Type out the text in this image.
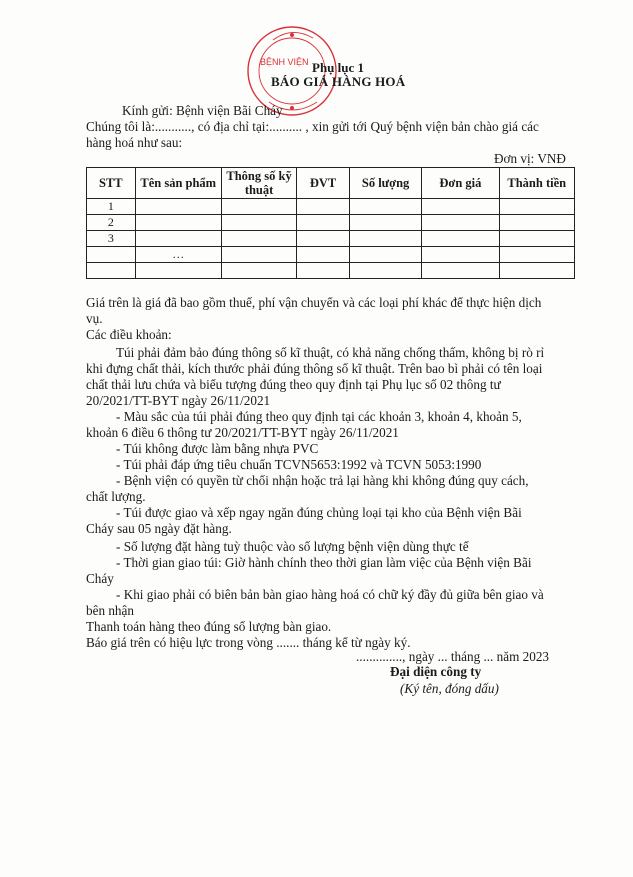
BỆNH VIỆN Phụ lục 1
BÁO GIÁ HÀNG HOÁ
Kính gửi: Bệnh viện Bãi Cháy
Chúng tôi là:..........., có địa chỉ tại:.......... , xin gửi tới Quý bệnh viện bản chào giá các
hàng hoá như sau:
Đơn vị: VNĐ
STT	Tên sản phẩm	Thông số kỹ thuật	ĐVT	Số lượng	Đơn giá	Thành tiền
1						
2						
3						
	…					

Giá trên là giá đã bao gồm thuế, phí vận chuyển và các loại phí khác để thực hiện dịch
vụ.
Các điều khoản:
Túi phải đảm bảo đúng thông số kĩ thuật, có khả năng chống thấm, không bị rò rỉ
khi đựng chất thải, kích thước phải đúng thông số kĩ thuật. Trên bao bì phải có tên loại
chất thải lưu chứa và biểu tượng đúng theo quy định tại Phụ lục số 02 thông tư
20/2021/TT-BYT ngày 26/11/2021
- Màu sắc của túi phải đúng theo quy định tại các khoản 3, khoản 4, khoản 5,
khoản 6 điều 6 thông tư 20/2021/TT-BYT ngày 26/11/2021
- Túi không được làm bằng nhựa PVC
- Túi phải đáp ứng tiêu chuẩn TCVN5653:1992 và TCVN 5053:1990
- Bệnh viện có quyền từ chối nhận hoặc trả lại hàng khi không đúng quy cách,
chất lượng.
- Túi được giao và xếp ngay ngăn đúng chủng loại tại kho của Bệnh viện Bãi
Cháy sau 05 ngày đặt hàng.
- Số lượng đặt hàng tuỳ thuộc vào số lượng bệnh viện dùng thực tế
- Thời gian giao túi: Giờ hành chính theo thời gian làm việc của Bệnh viện Bãi
Cháy
- Khi giao phải có biên bản bàn giao hàng hoá có chữ ký đầy đủ giữa bên giao và
bên nhận
Thanh toán hàng theo đúng số lượng bàn giao.
Báo giá trên có hiệu lực trong vòng ....... tháng kể từ ngày ký.
.............., ngày ... tháng ... năm 2023
Đại diện công ty
(Ký tên, đóng dấu)
